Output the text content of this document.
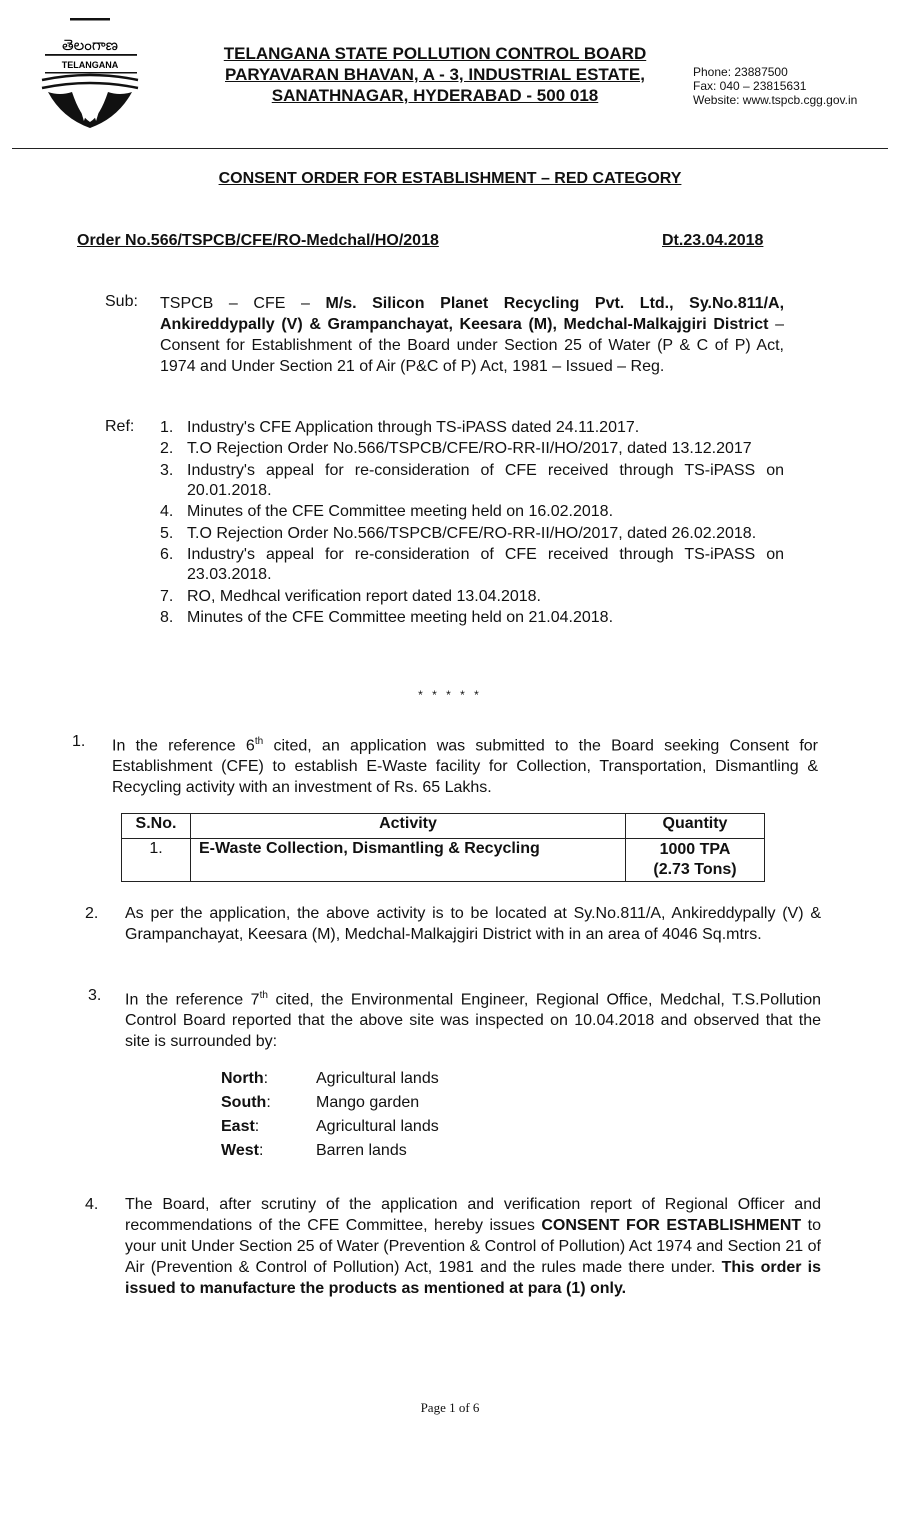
తెలంగాణ
TELANGANA
TELANGANA STATE POLLUTION CONTROL BOARD
PARYAVARAN BHAVAN, A - 3, INDUSTRIAL ESTATE,
SANATHNAGAR, HYDERABAD - 500 018
Phone: 23887500
Fax: 040 – 23815631
Website: www.tspcb.cgg.gov.in
CONSENT ORDER FOR ESTABLISHMENT – RED CATEGORY
Order No.566/TSPCB/CFE/RO-Medchal/HO/2018	Dt.23.04.2018
Sub: TSPCB – CFE – M/s. Silicon Planet Recycling Pvt. Ltd., Sy.No.811/A, Ankireddypally (V) & Grampanchayat, Keesara (M), Medchal-Malkajgiri District – Consent for Establishment of the Board under Section 25 of Water (P & C of P) Act, 1974 and Under Section 21 of Air (P&C of P) Act, 1981 – Issued – Reg.
Ref: 1. Industry's CFE Application through TS-iPASS dated 24.11.2017.
2. T.O Rejection Order No.566/TSPCB/CFE/RO-RR-II/HO/2017, dated 13.12.2017
3. Industry's appeal for re-consideration of CFE received through TS-iPASS on 20.01.2018.
4. Minutes of the CFE Committee meeting held on 16.02.2018.
5. T.O Rejection Order No.566/TSPCB/CFE/RO-RR-II/HO/2017, dated 26.02.2018.
6. Industry's appeal for re-consideration of CFE received through TS-iPASS on 23.03.2018.
7. RO, Medhcal verification report dated 13.04.2018.
8. Minutes of the CFE Committee meeting held on 21.04.2018.
* * * * *
1. In the reference 6th cited, an application was submitted to the Board seeking Consent for Establishment (CFE) to establish E-Waste facility for Collection, Transportation, Dismantling & Recycling activity with an investment of Rs. 65 Lakhs.
S.No.	Activity	Quantity
1.	E-Waste Collection, Dismantling & Recycling	1000 TPA
(2.73 Tons)
2. As per the application, the above activity is to be located at Sy.No.811/A, Ankireddypally (V) & Grampanchayat, Keesara (M), Medchal-Malkajgiri District with in an area of 4046 Sq.mtrs.
3. In the reference 7th cited, the Environmental Engineer, Regional Office, Medchal, T.S.Pollution Control Board reported that the above site was inspected on 10.04.2018 and observed that the site is surrounded by:
North:	Agricultural lands
South:	Mango garden
East:	Agricultural lands
West:	Barren lands
4. The Board, after scrutiny of the application and verification report of Regional Officer and recommendations of the CFE Committee, hereby issues CONSENT FOR ESTABLISHMENT to your unit Under Section 25 of Water (Prevention & Control of Pollution) Act 1974 and Section 21 of Air (Prevention & Control of Pollution) Act, 1981 and the rules made there under. This order is issued to manufacture the products as mentioned at para (1) only.
Page 1 of 6
